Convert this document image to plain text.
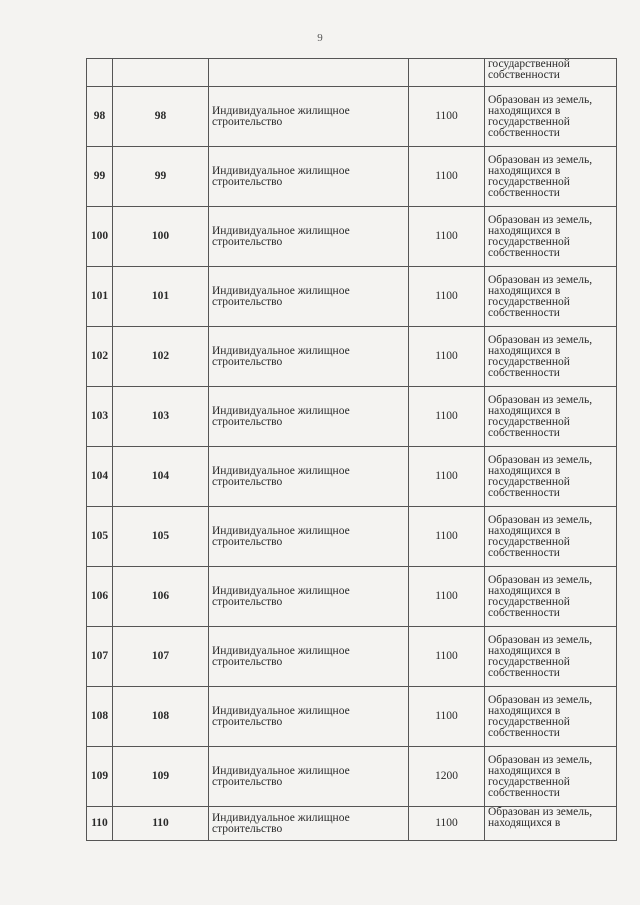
9
				государственной собственности
98	98	Индивидуальное жилищное строительство	1100	Образован из земель, находящихся в государственной собственности
99	99	Индивидуальное жилищное строительство	1100	Образован из земель, находящихся в государственной собственности
100	100	Индивидуальное жилищное строительство	1100	Образован из земель, находящихся в государственной собственности
101	101	Индивидуальное жилищное строительство	1100	Образован из земель, находящихся в государственной собственности
102	102	Индивидуальное жилищное строительство	1100	Образован из земель, находящихся в государственной собственности
103	103	Индивидуальное жилищное строительство	1100	Образован из земель, находящихся в государственной собственности
104	104	Индивидуальное жилищное строительство	1100	Образован из земель, находящихся в государственной собственности
105	105	Индивидуальное жилищное строительство	1100	Образован из земель, находящихся в государственной собственности
106	106	Индивидуальное жилищное строительство	1100	Образован из земель, находящихся в государственной собственности
107	107	Индивидуальное жилищное строительство	1100	Образован из земель, находящихся в государственной собственности
108	108	Индивидуальное жилищное строительство	1100	Образован из земель, находящихся в государственной собственности
109	109	Индивидуальное жилищное строительство	1200	Образован из земель, находящихся в государственной собственности
110	110	Индивидуальное жилищное строительство	1100	Образован из земель, находящихся в
